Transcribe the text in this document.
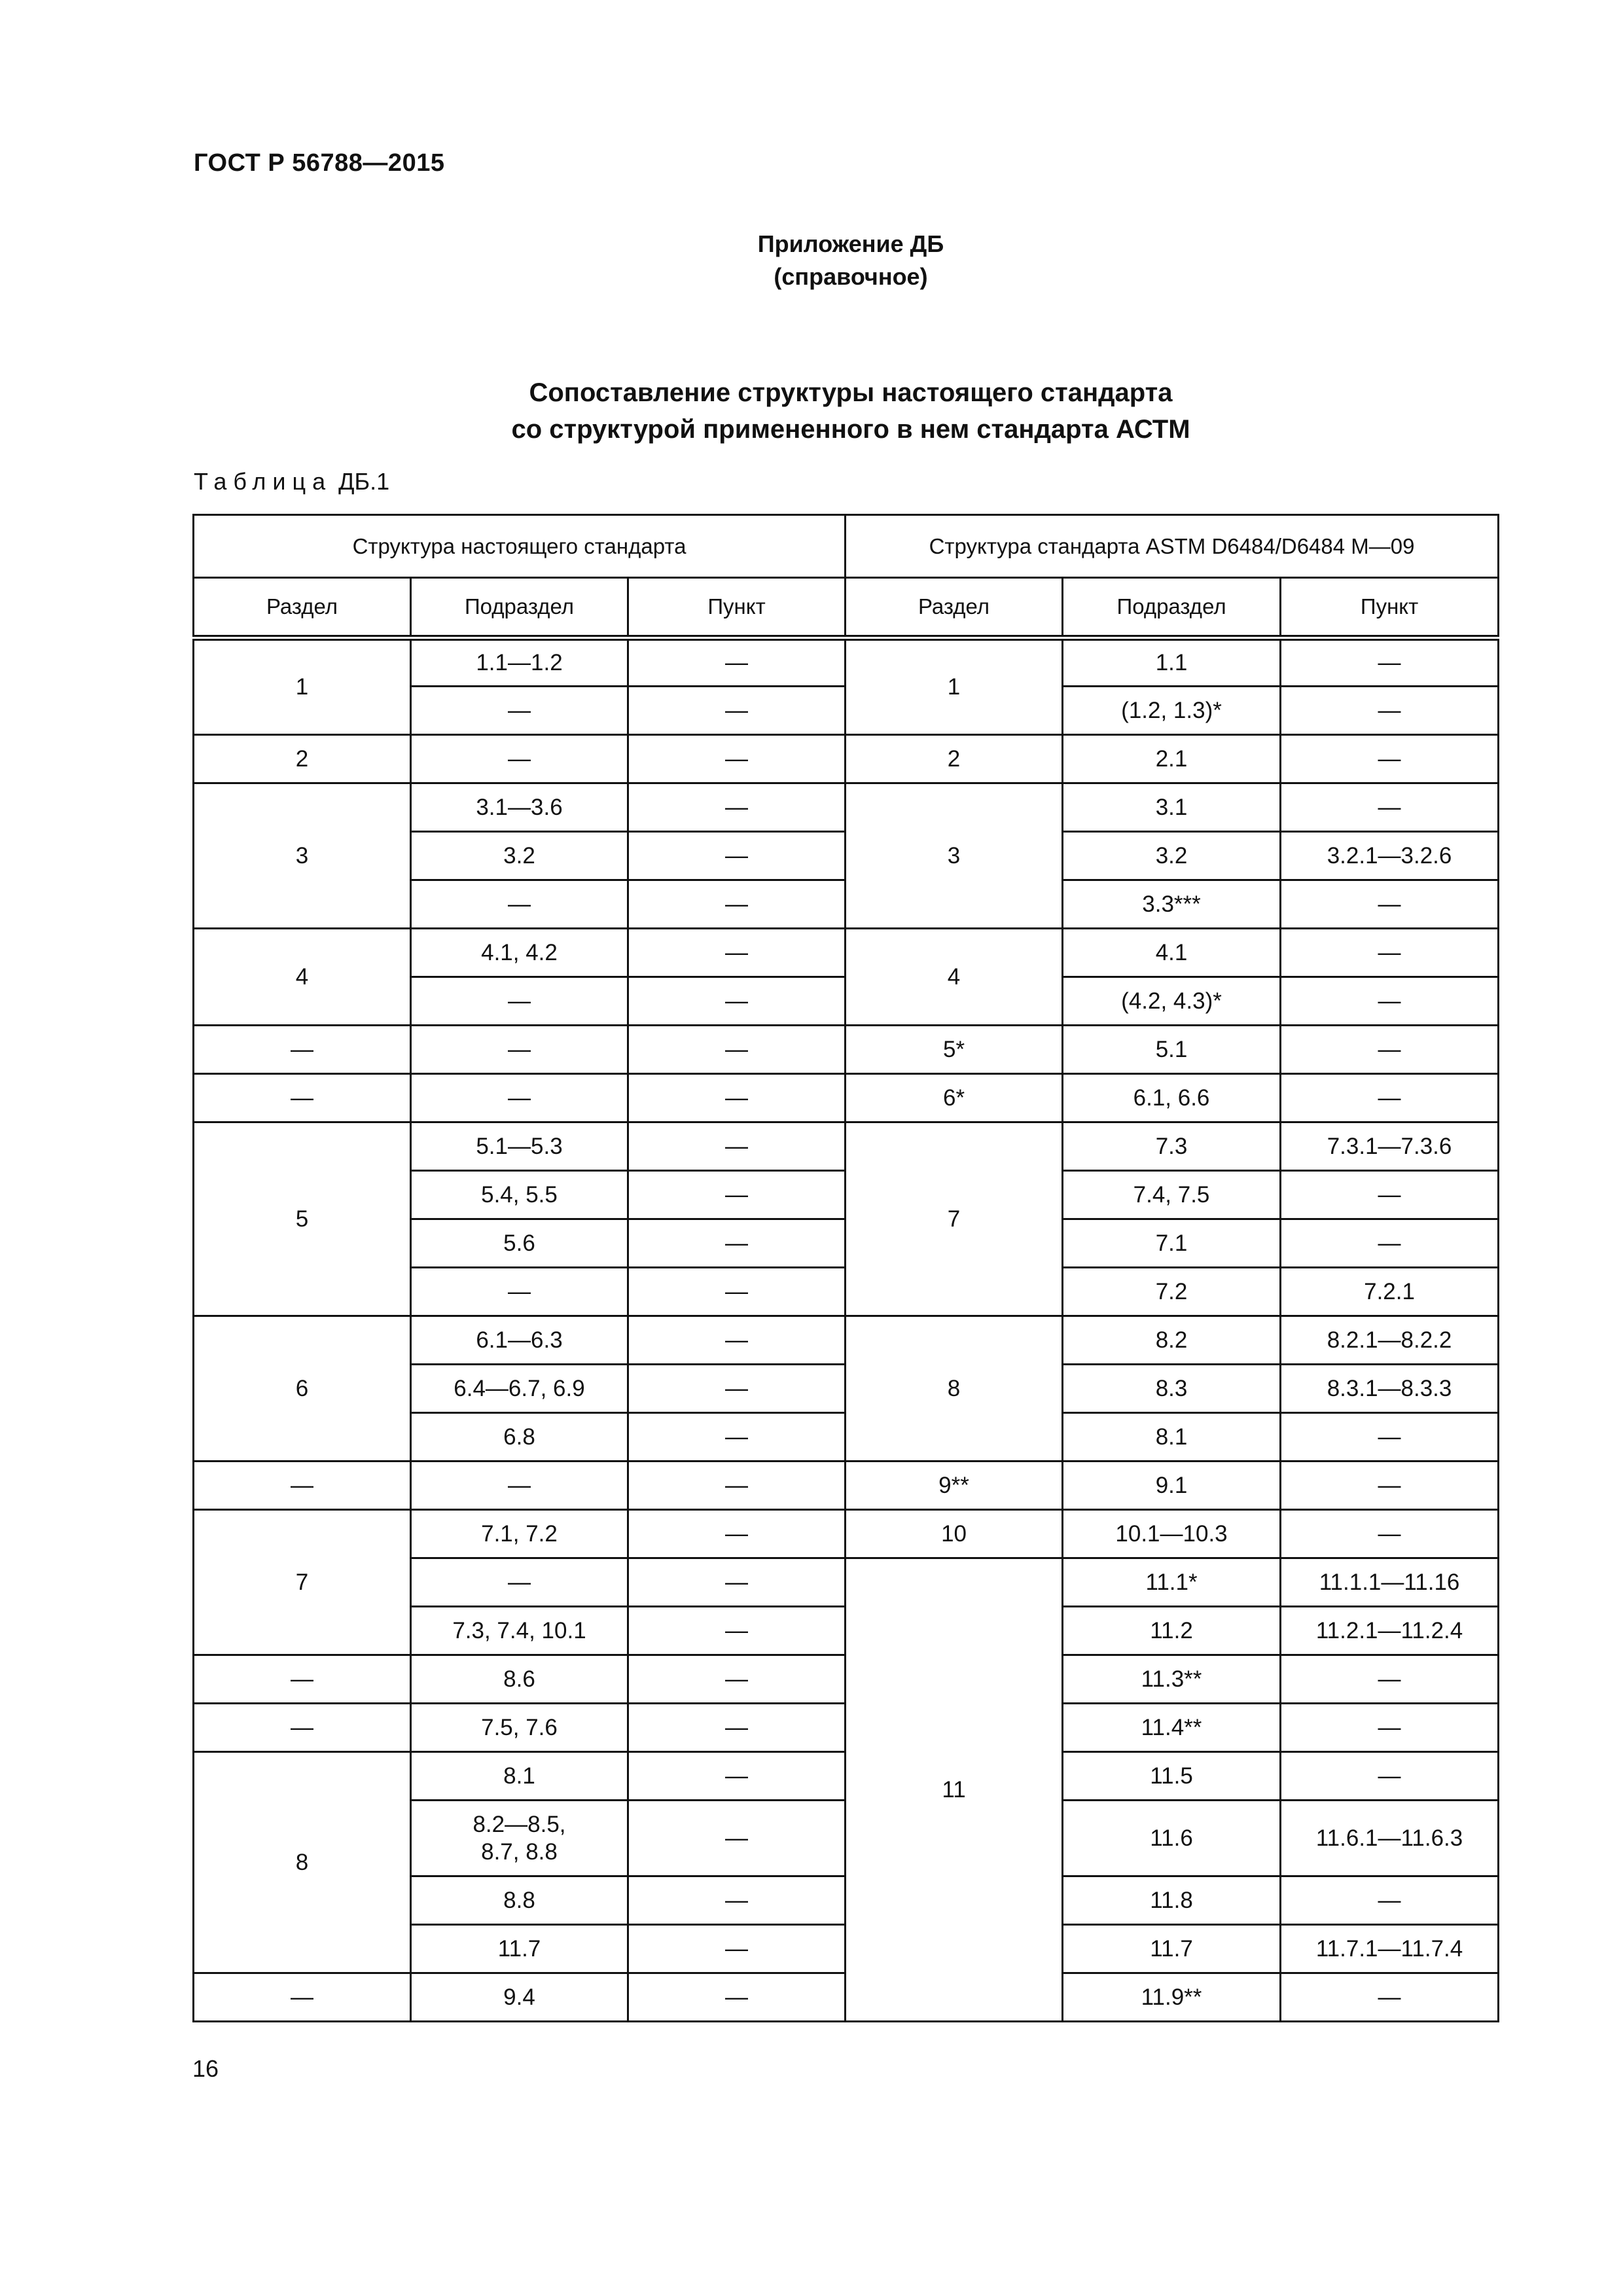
ГОСТ Р 56788—2015
Приложение ДБ
(справочное)
Сопоставление структуры настоящего стандарта
со структурой примененного в нем стандарта АСТМ
Таблица ДБ.1
Структура настоящего стандарта			Структура стандарта ASTM D6484/D6484 M—09		
Раздел	Подраздел	Пункт	Раздел	Подраздел	Пункт
1	1.1—1.2	—	1	1.1	—
	—	—		(1.2, 1.3)*	—
2	—	—	2	2.1	—
3	3.1—3.6	—	3	3.1	—
	3.2	—		3.2	3.2.1—3.2.6
	—	—		3.3***	—
4	4.1, 4.2	—	4	4.1	—
	—	—		(4.2, 4.3)*	—
—	—	—	5*	5.1	—
—	—	—	6*	6.1, 6.6	—
5	5.1—5.3	—	7	7.3	7.3.1—7.3.6
	5.4, 5.5	—		7.4, 7.5	—
	5.6	—		7.1	—
	—	—		7.2	7.2.1
6	6.1—6.3	—	8	8.2	8.2.1—8.2.2
	6.4—6.7, 6.9	—		8.3	8.3.1—8.3.3
	6.8	—		8.1	—
—	—	—	9**	9.1	—
7	7.1, 7.2	—	10	10.1—10.3	—
	—	—	11	11.1*	11.1.1—11.16
	7.3, 7.4, 10.1	—		11.2	11.2.1—11.2.4
—	8.6	—		11.3**	—
—	7.5, 7.6	—		11.4**	—
8	8.1	—		11.5	—

	8.2—8.5,
8.7, 8.8	—		11.6	11.6.1—11.6.3
	8.8	—		11.8	—
	11.7	—		11.7	11.7.1—11.7.4
—	9.4	—		11.9**	—
16
